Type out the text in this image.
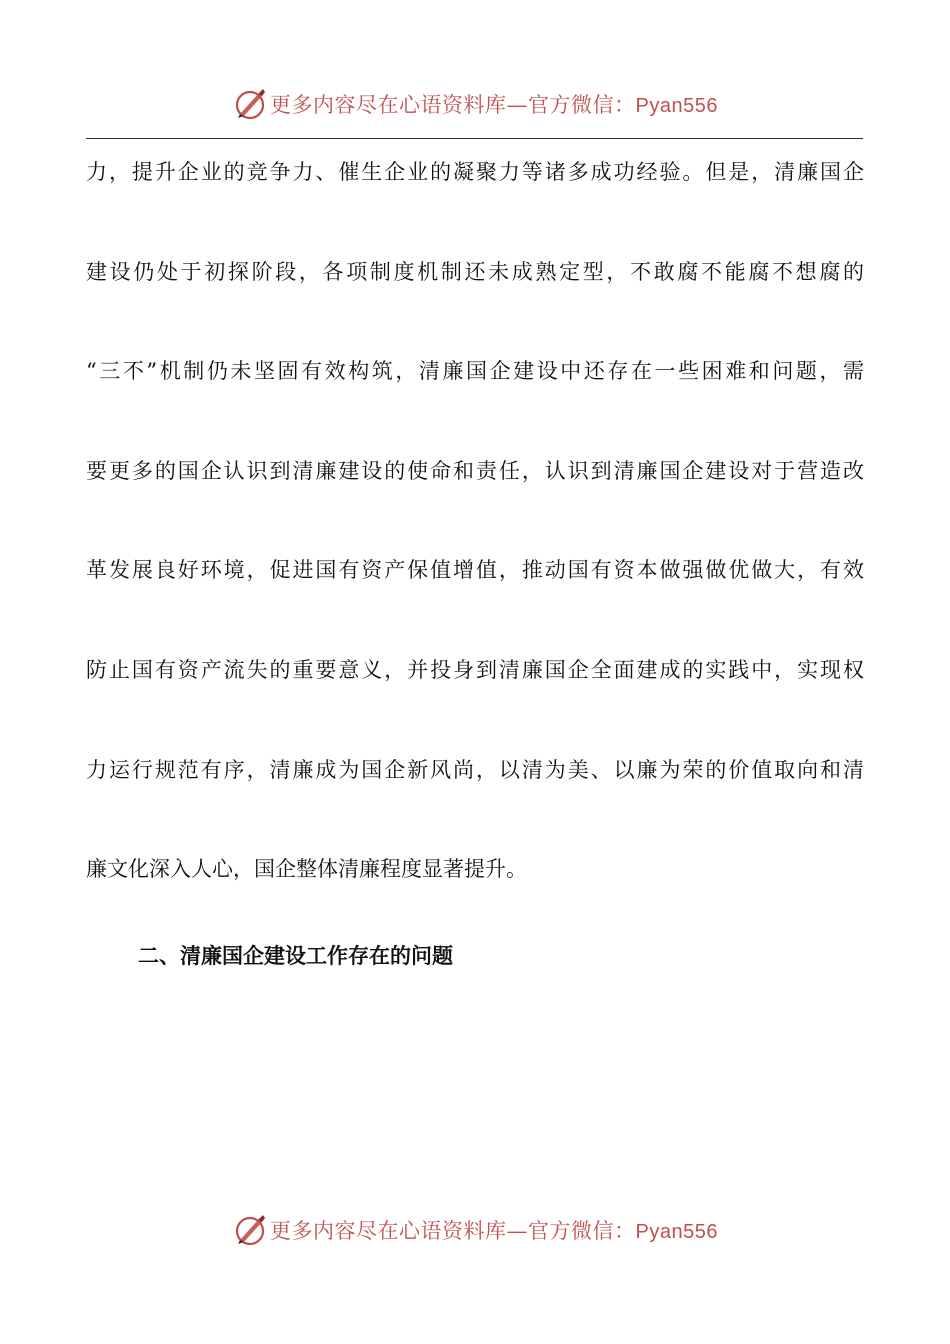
更多内容尽在心语资料库—官方微信：Pyan556
力，提升企业的竞争力、催生企业的凝聚力等诸多成功经验。但是，清廉国企
建设仍处于初探阶段，各项制度机制还未成熟定型，不敢腐不能腐不想腐的
“三不”机制仍未坚固有效构筑，清廉国企建设中还存在一些困难和问题，需
要更多的国企认识到清廉建设的使命和责任，认识到清廉国企建设对于营造改
革发展良好环境，促进国有资产保值增值，推动国有资本做强做优做大，有效
防止国有资产流失的重要意义，并投身到清廉国企全面建成的实践中，实现权
力运行规范有序，清廉成为国企新风尚，以清为美、以廉为荣的价值取向和清
廉文化深入人心，国企整体清廉程度显著提升。
二、清廉国企建设工作存在的问题
更多内容尽在心语资料库—官方微信：Pyan556
